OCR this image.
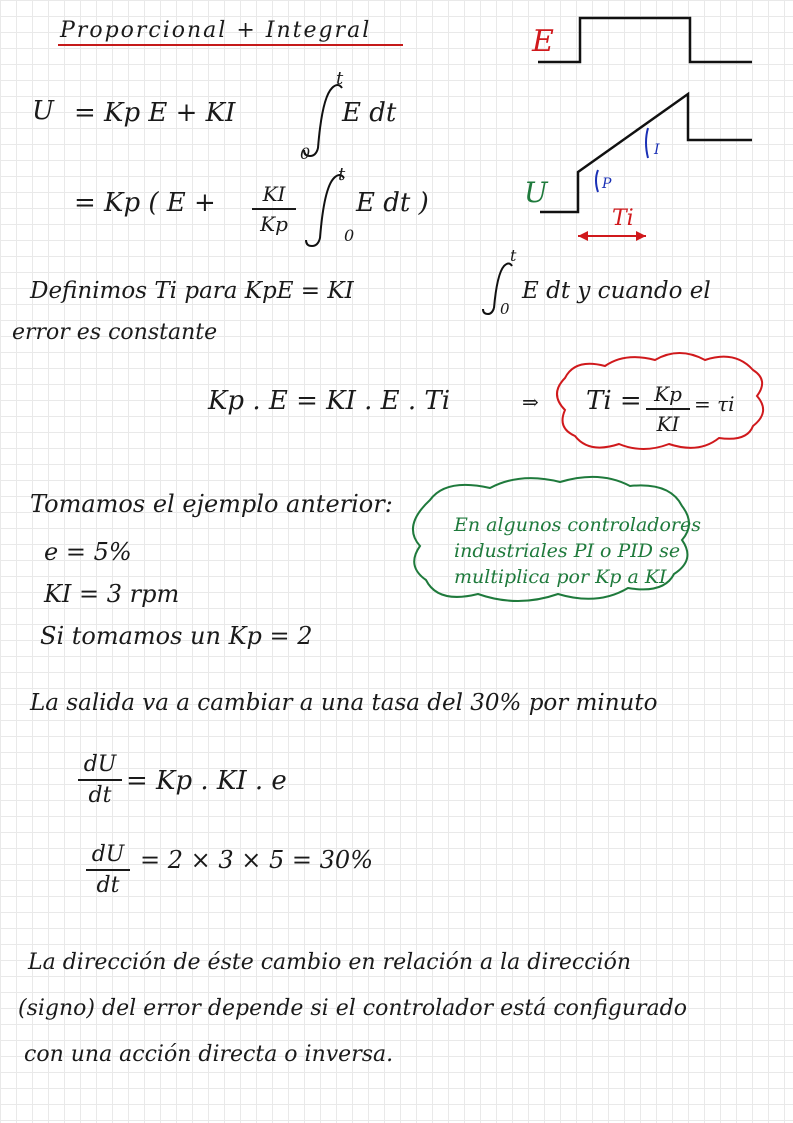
Proporcional + Integral	E
U	P
I
Ti
U = Kp E + KI
t
0
E dt
= Kp ( E +	KI
Kp
t
0
E dt )
Definimos Ti para KpE = KI
t
0
E dt y cuando el
error es constante
Kp . E = KI . E . Ti	⇒ Ti = Kp
KI
= τi
Tomamos el ejemplo anterior:
e = 5%
KI = 3 rpm
Si tomamos un Kp = 2
En algunos controladores
industriales PI o PID se
multiplica por Kp a KI
La salida va a cambiar a una tasa del 30% por minuto
dU
dt = Kp . KI . e
dU
dt
= 2 × 3 × 5 = 30%
La dirección de éste cambio en relación a la dirección
(signo) del error depende si el controlador está configurado
con una acción directa o inversa.
